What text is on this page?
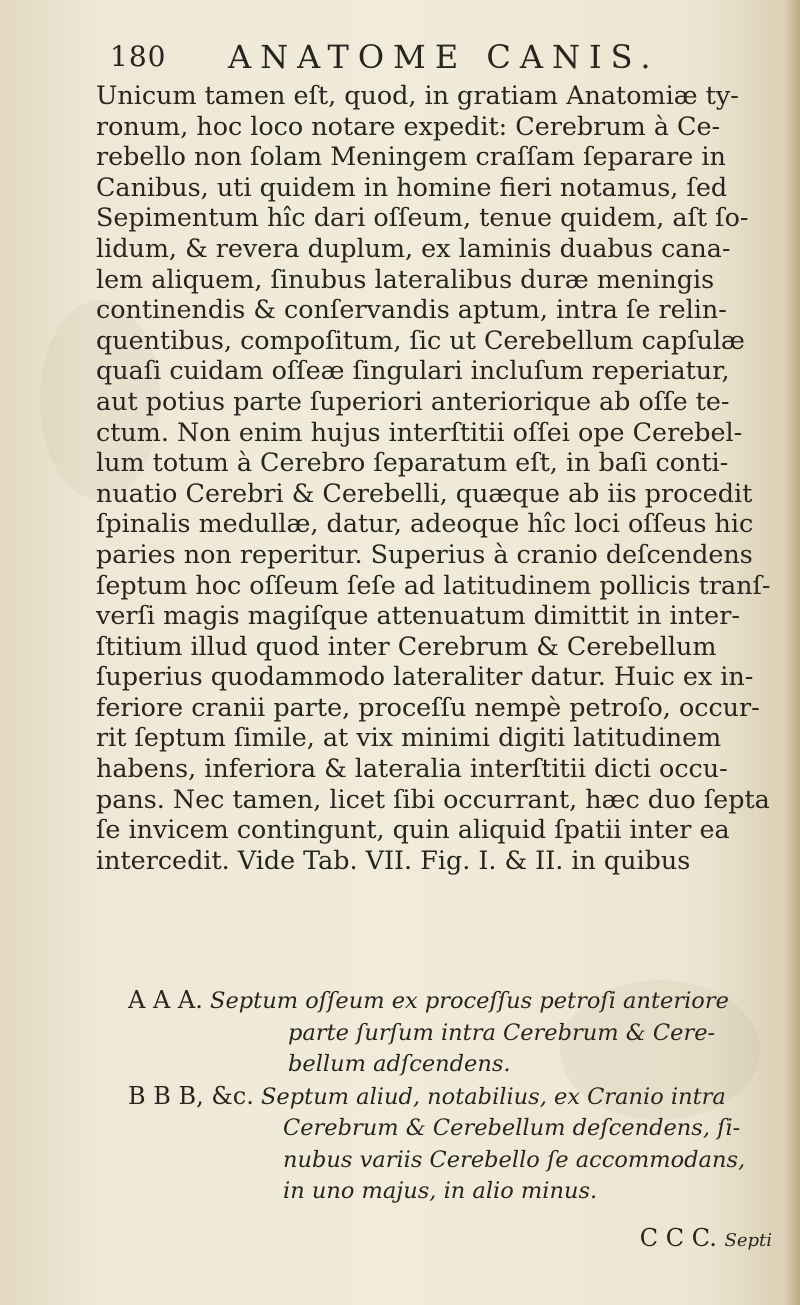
180 ANATOME CANIS.
Unicum tamen eſt, quod, in gratiam Anatomiæ ty-
ronum, hoc loco notare expedit: Cerebrum à Ce-
rebello non ſolam Meningem craſſam ſeparare in
Canibus, uti quidem in homine fieri notamus, ſed
Sepimentum hîc dari oſſeum, tenue quidem, aſt ſo-
lidum, & revera duplum, ex laminis duabus cana-
lem aliquem, ſinubus lateralibus duræ meningis
continendis & conſervandis aptum, intra ſe relin-
quentibus, compoſitum, ſic ut Cerebellum capſulæ
quaſi cuidam oſſeæ ſingulari incluſum reperiatur,
aut potius parte ſuperiori anteriorique ab oſſe te-
ctum. Non enim hujus interſtitii oſſei ope Cerebel-
lum totum à Cerebro ſeparatum eſt, in baſi conti-
nuatio Cerebri & Cerebelli, quæque ab iis procedit
ſpinalis medullæ, datur, adeoque hîc loci oſſeus hic
paries non reperitur. Superius à cranio deſcendens
ſeptum hoc oſſeum ſeſe ad latitudinem pollicis tranſ-
verſi magis magiſque attenuatum dimittit in inter-
ſtitium illud quod inter Cerebrum & Cerebellum
ſuperius quodammodo lateraliter datur. Huic ex in-
feriore cranii parte, proceſſu nempè petroſo, occur-
rit ſeptum ſimile, at vix minimi digiti latitudinem
habens, inferiora & lateralia interſtitii dicti occu-
pans. Nec tamen, licet ſibi occurrant, hæc duo ſepta
ſe invicem contingunt, quin aliquid ſpatii inter ea
intercedit. Vide Tab. VII. Fig. I. & II. in quibus
A A A. Septum oſſeum ex proceſſus petroſi anteriore
parte ſurſum intra Cerebrum & Cere-
bellum adſcendens.
B B B, &c. Septum aliud, notabilius, ex Cranio intra
Cerebrum & Cerebellum deſcendens, ſi-
nubus variis Cerebello ſe accommodans,
in uno majus, in alio minus.
C C C. Septi
